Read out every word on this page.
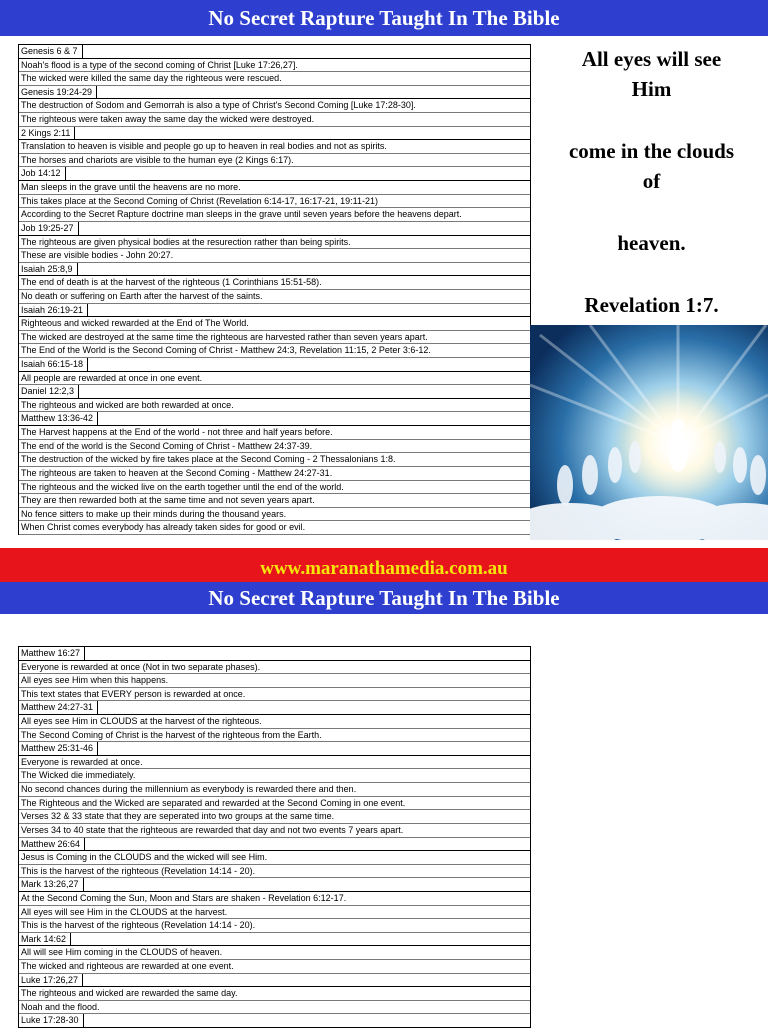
No Secret Rapture Taught In The Bible
Genesis 6 & 7
Noah's flood is a type of the second coming of Christ [Luke 17:26,27].
The wicked were killed the same day the righteous were rescued.
Genesis 19:24-29
The destruction of Sodom and Gemorrah is also a type of Christ's Second Coming [Luke 17:28-30].
The righteous were taken away the same day the wicked were destroyed.
2 Kings 2:11
Translation to heaven is visible and people go up to heaven in real bodies and not as spirits.
The horses and chariots are visible to the human eye (2 Kings 6:17).
Job 14:12
Man sleeps in the grave until the heavens are no more.
This takes place at the Second Coming of Christ (Revelation 6:14-17, 16:17-21, 19:11-21)
According to the Secret Rapture doctrine man sleeps in the grave until seven years before the heavens depart.
Job 19:25-27
The righteous are given physical bodies at the resurection rather than being spirits.
These are visible bodies - John 20:27.
Isaiah 25:8,9
The end of death is at the harvest of the righteous (1 Corinthians 15:51-58).
No death or suffering on Earth after the harvest of the saints.
Isaiah 26:19-21
Righteous and wicked rewarded at the End of The World.
The wicked are destroyed at the same time the righteous are harvested rather than seven years apart.
The End of the World is the Second Coming of Christ - Matthew 24:3, Revelation 11:15, 2 Peter 3:6-12.
Isaiah 66:15-18
All people are rewarded at once in one event.
Daniel 12:2,3
The righteous and wicked are both rewarded at once.
Matthew 13:36-42
The Harvest happens at the End of the world - not three and half years before.
The end of the world is the Second Coming of Christ - Matthew 24:37-39.
The destruction of the wicked by fire takes place at the Second Coming - 2 Thessalonians 1:8.
The righteous are taken to heaven at the Second Coming - Matthew 24:27-31.
The righteous and the wicked live on the earth together until the end of the world.
They are then rewarded both at the same time and not seven years apart.
No fence sitters to make up their minds during the thousand years.
When Christ comes everybody has already taken sides for good or evil.

All eyes will see

Him

come in the clouds

of

heaven.

Revelation 1:7.

www.maranathamedia.com.au
No Secret Rapture Taught In The Bible
Matthew 16:27
Everyone is rewarded at once (Not in two separate phases).
All eyes see Him when this happens.
This text states that EVERY person is rewarded at once.
Matthew 24:27-31
All eyes see Him in CLOUDS at the harvest of the righteous.
The Second Coming of Christ is the harvest of the righteous from the Earth.
Matthew 25:31-46
Everyone is rewarded at once.
The Wicked die immediately.
No second chances during the millennium as everybody is rewarded there and then.
The Righteous and the Wicked are separated and rewarded at the Second Coming in one event.
Verses 32 & 33 state that they are seperated into two groups at the same time.
Verses 34 to 40 state that the righteous are rewarded that day and not two events 7 years apart.
Matthew 26:64
Jesus is Coming in the CLOUDS and the wicked will see Him.
This is the harvest of the righteous (Revelation 14:14 - 20).
Mark 13:26,27
At the Second Coming the Sun, Moon and Stars are shaken - Revelation 6:12-17.
All eyes will see Him in the CLOUDS at the harvest.
This is the harvest of the righteous (Revelation 14:14 - 20).
Mark 14:62
All will see Him coming in the CLOUDS of heaven.
The wicked and righteous are rewarded at one event.
Luke 17:26,27
The righteous and wicked are rewarded the same day.
Noah and the flood.
Luke 17:28-30
